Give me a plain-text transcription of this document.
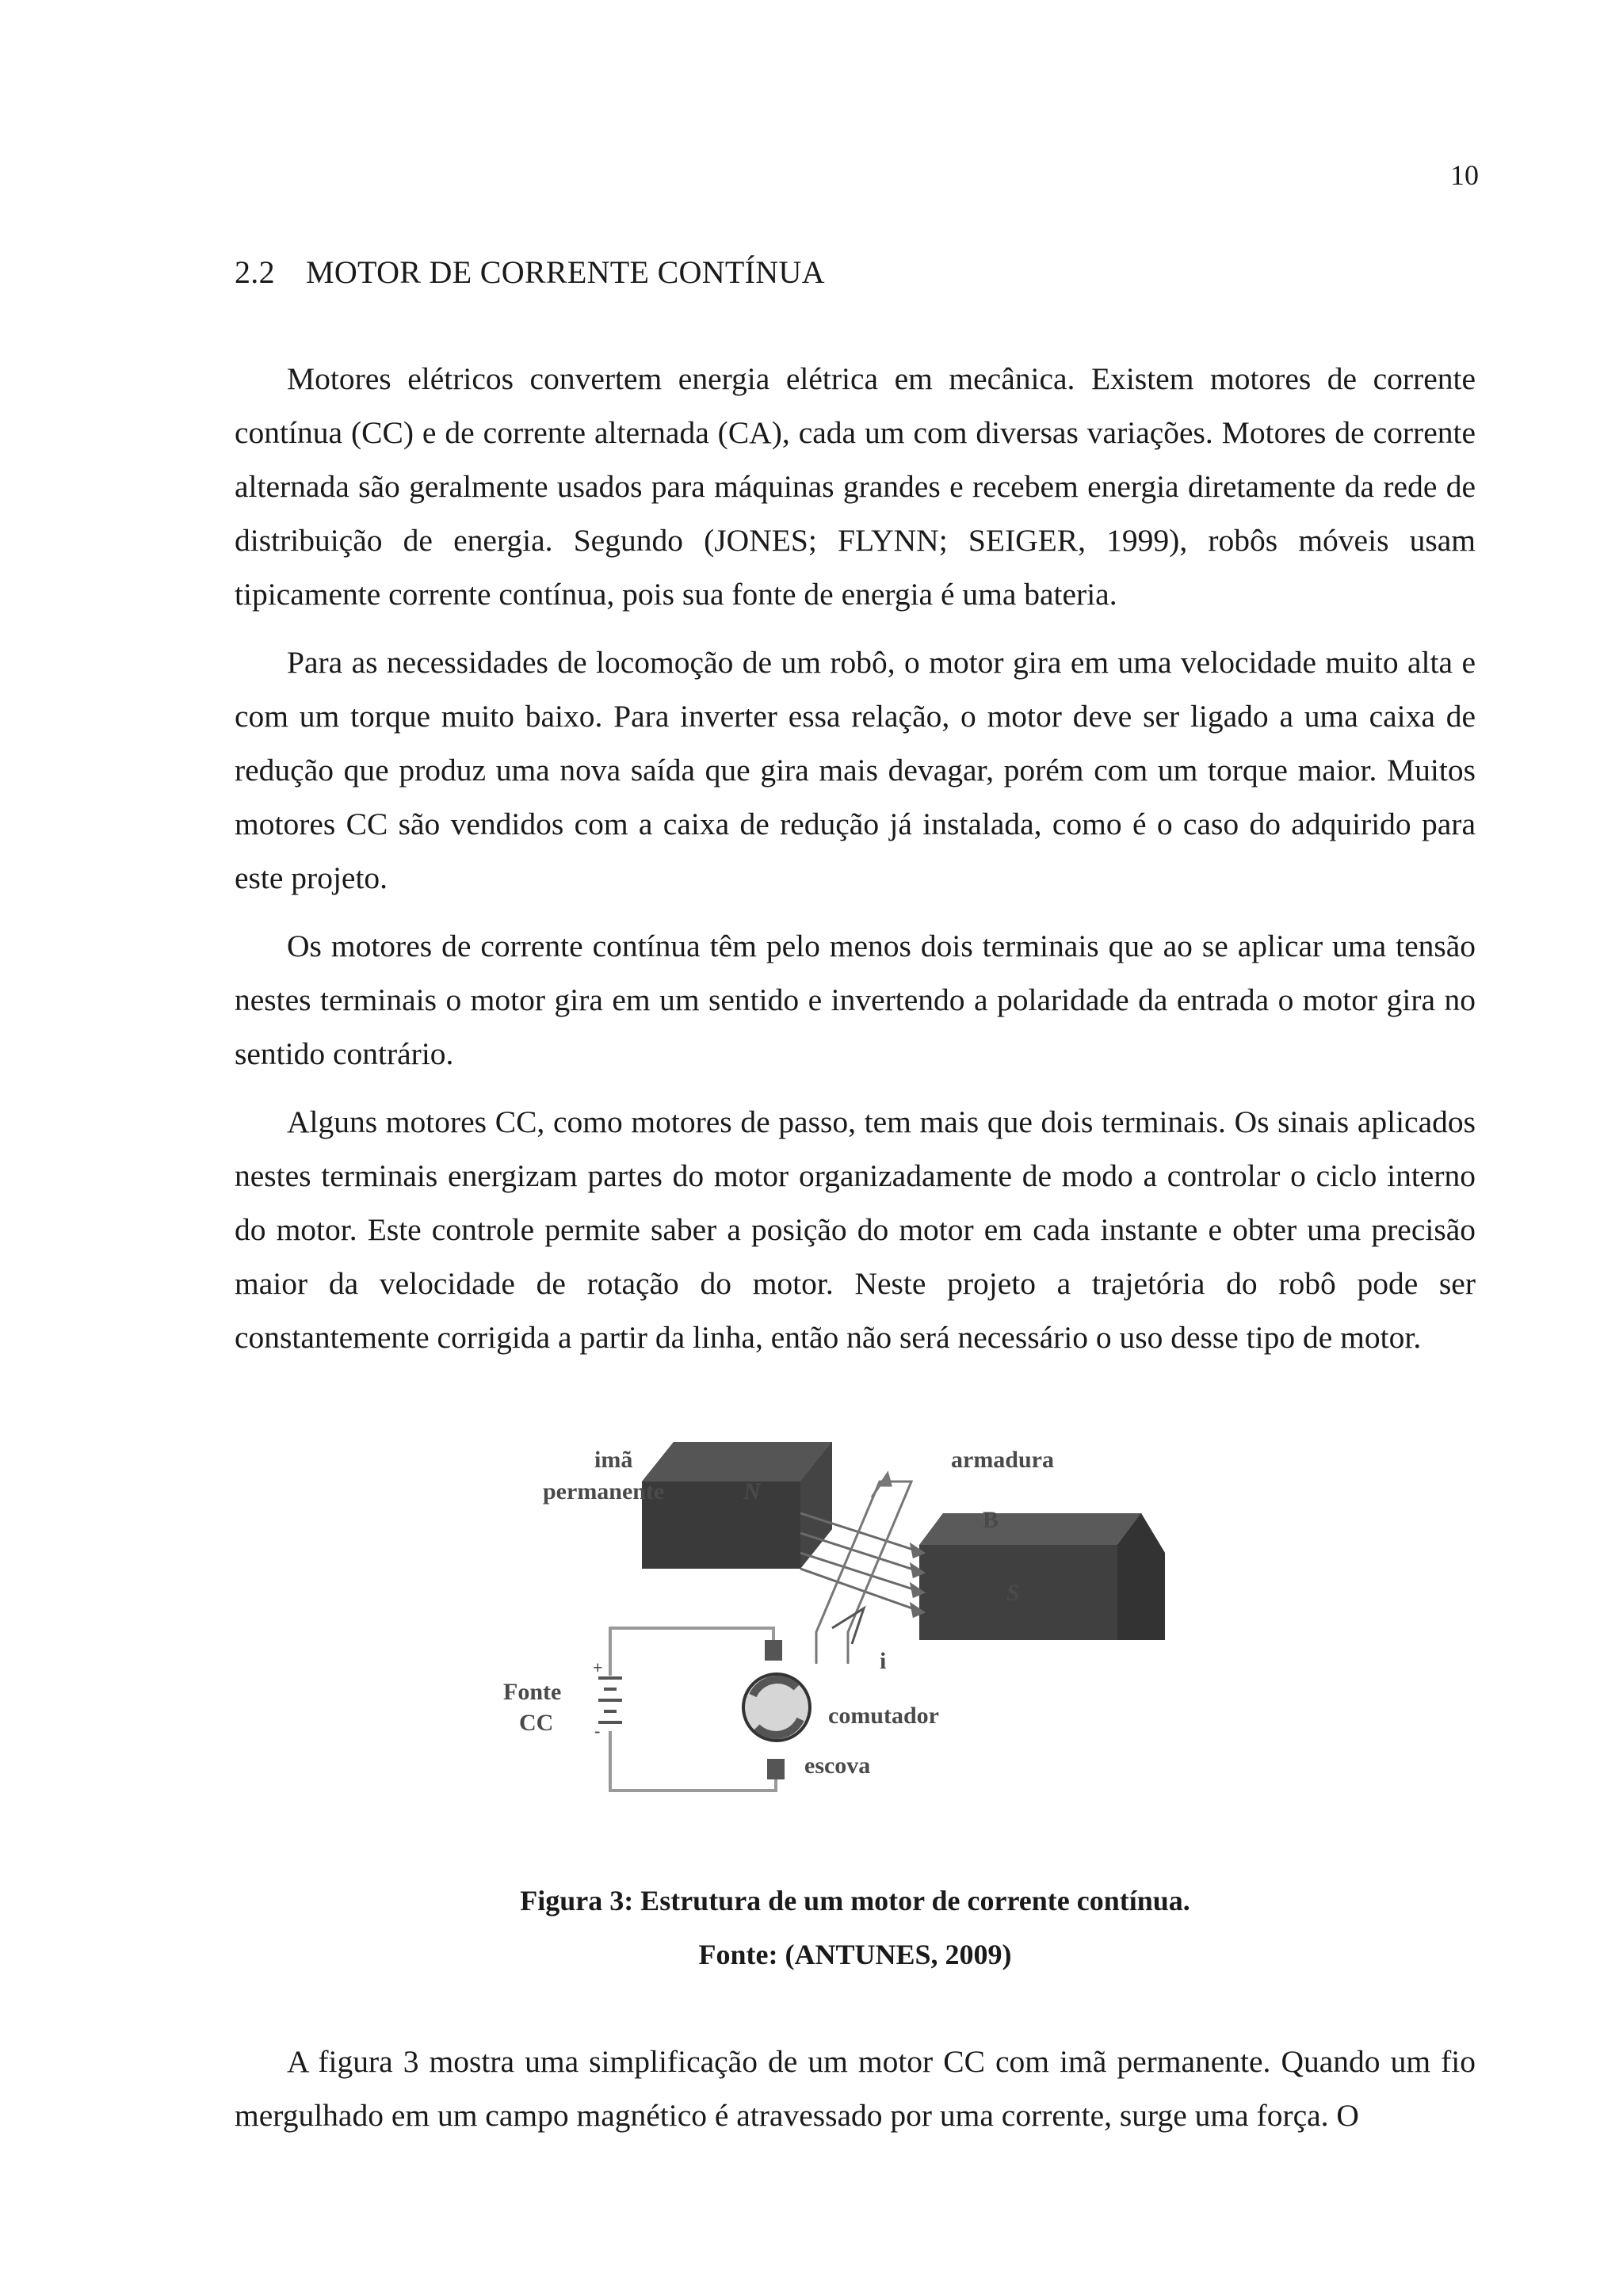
10
2.2 MOTOR DE CORRENTE CONTÍNUA

Motores elétricos convertem energia elétrica em mecânica. Existem motores de corrente contínua (CC) e de corrente alternada (CA), cada um com diversas variações. Motores de corrente alternada são geralmente usados para máquinas grandes e recebem energia diretamente da rede de distribuição de energia. Segundo (JONES; FLYNN; SEIGER, 1999), robôs móveis usam tipicamente corrente contínua, pois sua fonte de energia é uma bateria.

Para as necessidades de locomoção de um robô, o motor gira em uma velocidade muito alta e com um torque muito baixo. Para inverter essa relação, o motor deve ser ligado a uma caixa de redução que produz uma nova saída que gira mais devagar, porém com um torque maior. Muitos motores CC são vendidos com a caixa de redução já instalada, como é o caso do adquirido para este projeto.

Os motores de corrente contínua têm pelo menos dois terminais que ao se aplicar uma tensão nestes terminais o motor gira em um sentido e invertendo a polaridade da entrada o motor gira no sentido contrário.

Alguns motores CC, como motores de passo, tem mais que dois terminais. Os sinais aplicados nestes terminais energizam partes do motor organizadamente de modo a controlar o ciclo interno do motor. Este controle permite saber a posição do motor em cada instante e obter uma precisão maior da velocidade de rotação do motor. Neste projeto a trajetória do robô pode ser constantemente corrigida a partir da linha, então não será necessário o uso desse tipo de motor.

imã
permanente	N
S
armadura
B
i
Fonte
CC
+
-
comutador
escova
Figura 3: Estrutura de um motor de corrente contínua.
Fonte: (ANTUNES, 2009)

A figura 3 mostra uma simplificação de um motor CC com imã permanente. Quando um fio mergulhado em um campo magnético é atravessado por uma corrente, surge uma força. O
